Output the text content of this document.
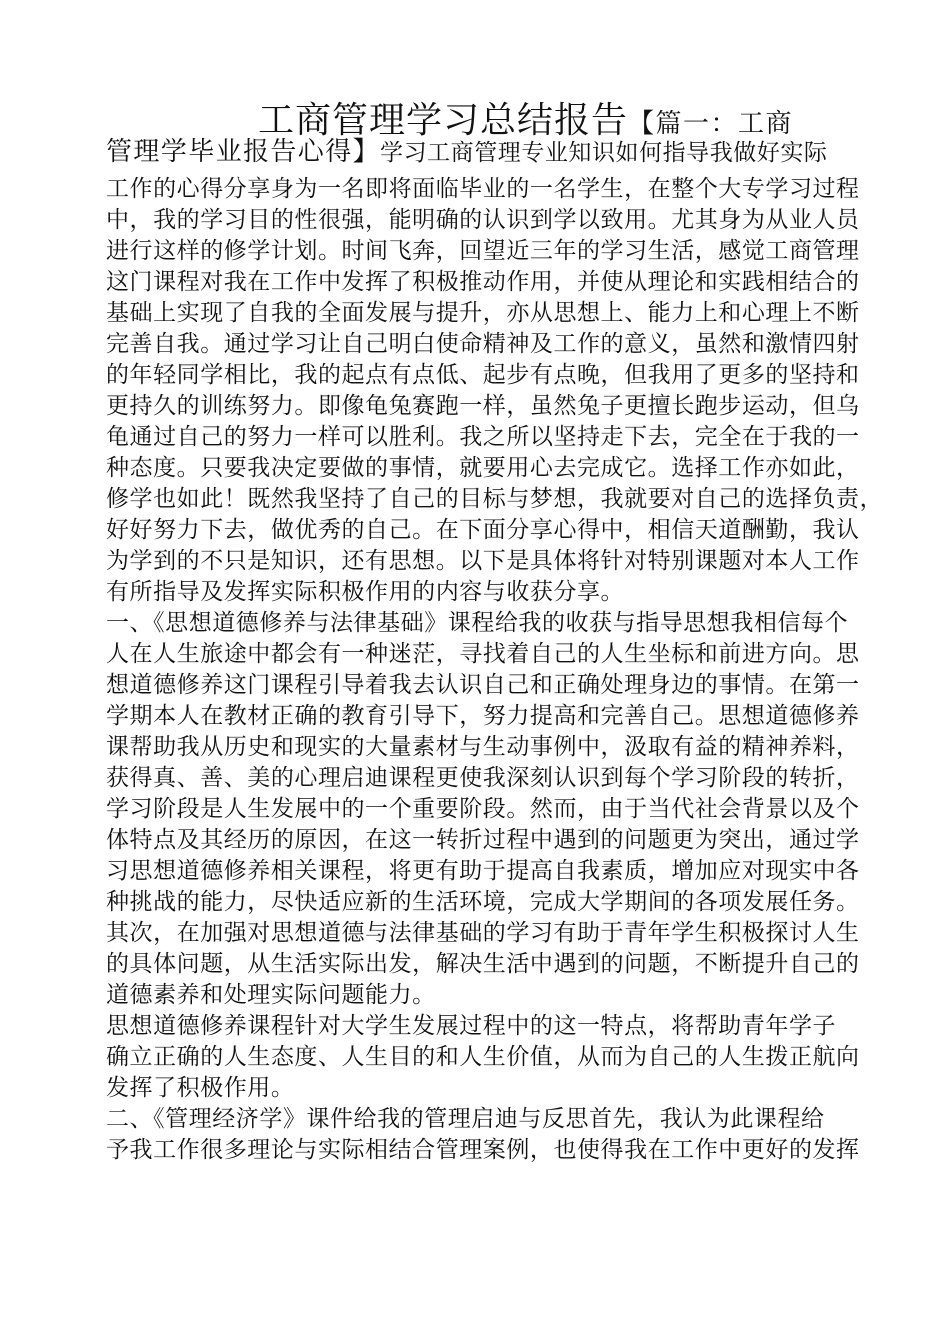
工商管理学习总结报告【篇一：工商
管理学毕业报告心得】学习工商管理专业知识如何指导我做好实际
工作的心得分享身为一名即将面临毕业的一名学生，在整个大专学习过程
中，我的学习目的性很强，能明确的认识到学以致用。尤其身为从业人员
进行这样的修学计划。时间飞奔，回望近三年的学习生活，感觉工商管理
这门课程对我在工作中发挥了积极推动作用，并使从理论和实践相结合的
基础上实现了自我的全面发展与提升，亦从思想上、能力上和心理上不断
完善自我。通过学习让自己明白使命精神及工作的意义，虽然和激情四射
的年轻同学相比，我的起点有点低、起步有点晚，但我用了更多的坚持和
更持久的训练努力。即像龟兔赛跑一样，虽然兔子更擅长跑步运动，但乌
龟通过自己的努力一样可以胜利。我之所以坚持走下去，完全在于我的一
种态度。只要我决定要做的事情，就要用心去完成它。选择工作亦如此，
修学也如此！既然我坚持了自己的目标与梦想，我就要对自己的选择负责，
好好努力下去，做优秀的自己。在下面分享心得中，相信天道酬勤，我认
为学到的不只是知识，还有思想。以下是具体将针对特别课题对本人工作
有所指导及发挥实际积极作用的内容与收获分享。
一、《思想道德修养与法律基础》课程给我的收获与指导思想我相信每个
人在人生旅途中都会有一种迷茫，寻找着自己的人生坐标和前进方向。思
想道德修养这门课程引导着我去认识自己和正确处理身边的事情。在第一
学期本人在教材正确的教育引导下，努力提高和完善自己。思想道德修养
课帮助我从历史和现实的大量素材与生动事例中，汲取有益的精神养料，
获得真、善、美的心理启迪课程更使我深刻认识到每个学习阶段的转折，
学习阶段是人生发展中的一个重要阶段。然而，由于当代社会背景以及个
体特点及其经历的原因，在这一转折过程中遇到的问题更为突出，通过学
习思想道德修养相关课程，将更有助于提高自我素质，增加应对现实中各
种挑战的能力，尽快适应新的生活环境，完成大学期间的各项发展任务。
其次，在加强对思想道德与法律基础的学习有助于青年学生积极探讨人生
的具体问题，从生活实际出发，解决生活中遇到的问题，不断提升自己的
道德素养和处理实际问题能力。
思想道德修养课程针对大学生发展过程中的这一特点，将帮助青年学子
确立正确的人生态度、人生目的和人生价值，从而为自己的人生拨正航向
发挥了积极作用。
二、《管理经济学》课件给我的管理启迪与反思首先，我认为此课程给
予我工作很多理论与实际相结合管理案例，也使得我在工作中更好的发挥
